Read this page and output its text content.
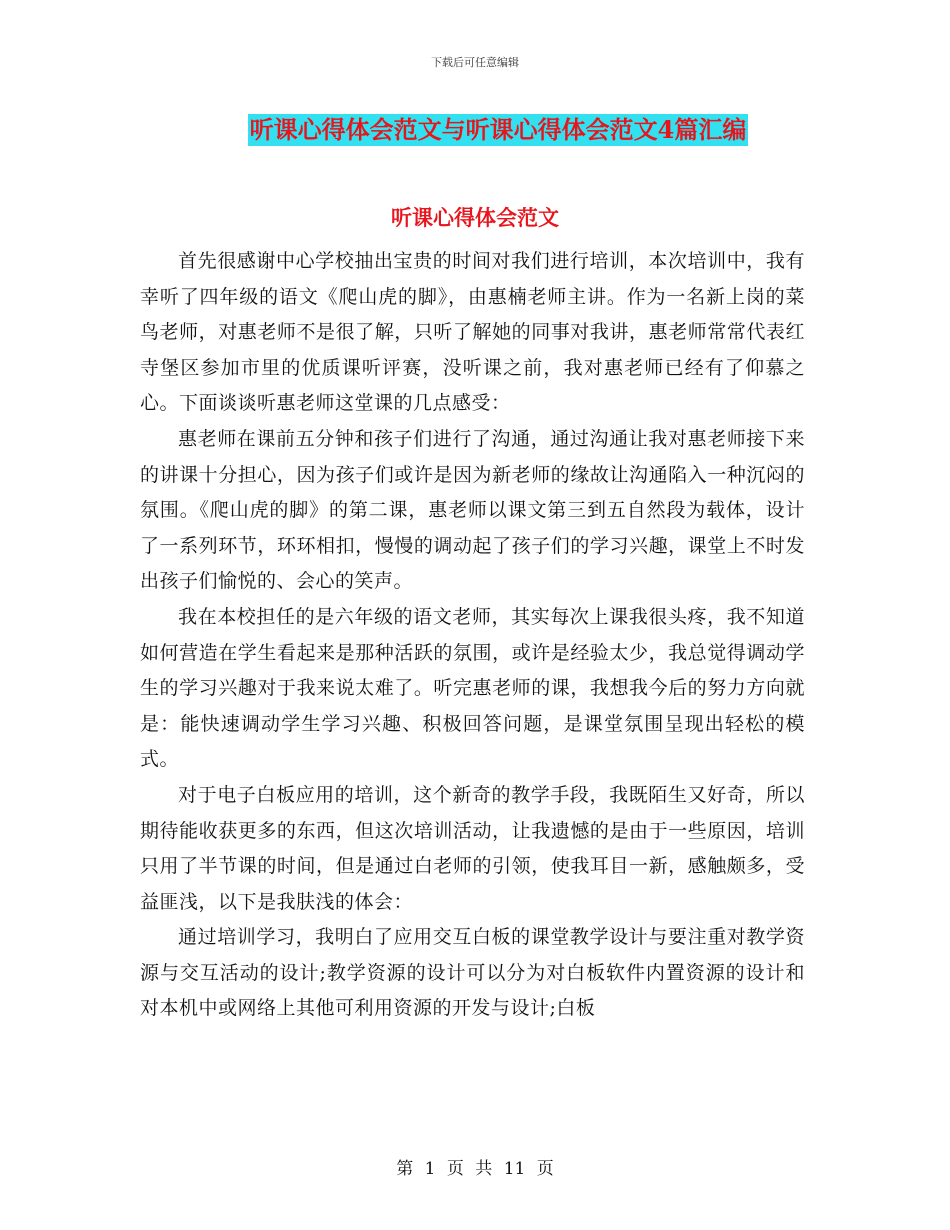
下载后可任意编辑
听课心得体会范文与听课心得体会范文4篇汇编
听课心得体会范文

首先很感谢中心学校抽出宝贵的时间对我们进行培训，本次培训中，我有幸听了四年级的语文《爬山虎的脚》，由惠楠老师主讲。作为一名新上岗的菜鸟老师，对惠老师不是很了解，只听了解她的同事对我讲，惠老师常常代表红寺堡区参加市里的优质课听评赛，没听课之前，我对惠老师已经有了仰慕之心。下面谈谈听惠老师这堂课的几点感受：

惠老师在课前五分钟和孩子们进行了沟通，通过沟通让我对惠老师接下来的讲课十分担心，因为孩子们或许是因为新老师的缘故让沟通陷入一种沉闷的氛围。《爬山虎的脚》的第二课，惠老师以课文第三到五自然段为载体，设计了一系列环节，环环相扣，慢慢的调动起了孩子们的学习兴趣，课堂上不时发出孩子们愉悦的、会心的笑声。

我在本校担任的是六年级的语文老师，其实每次上课我很头疼，我不知道如何营造在学生看起来是那种活跃的氛围，或许是经验太少，我总觉得调动学生的学习兴趣对于我来说太难了。听完惠老师的课，我想我今后的努力方向就是：能快速调动学生学习兴趣、积极回答问题，是课堂氛围呈现出轻松的模式。

对于电子白板应用的培训，这个新奇的教学手段，我既陌生又好奇，所以期待能收获更多的东西，但这次培训活动，让我遗憾的是由于一些原因，培训只用了半节课的时间，但是通过白老师的引领，使我耳目一新，感触颇多，受益匪浅，以下是我肤浅的体会：

通过培训学习，我明白了应用交互白板的课堂教学设计与要注重对教学资源与交互活动的设计;教学资源的设计可以分为对白板软件内置资源的设计和对本机中或网络上其他可利用资源的开发与设计;白板

第 1 页 共 11 页
